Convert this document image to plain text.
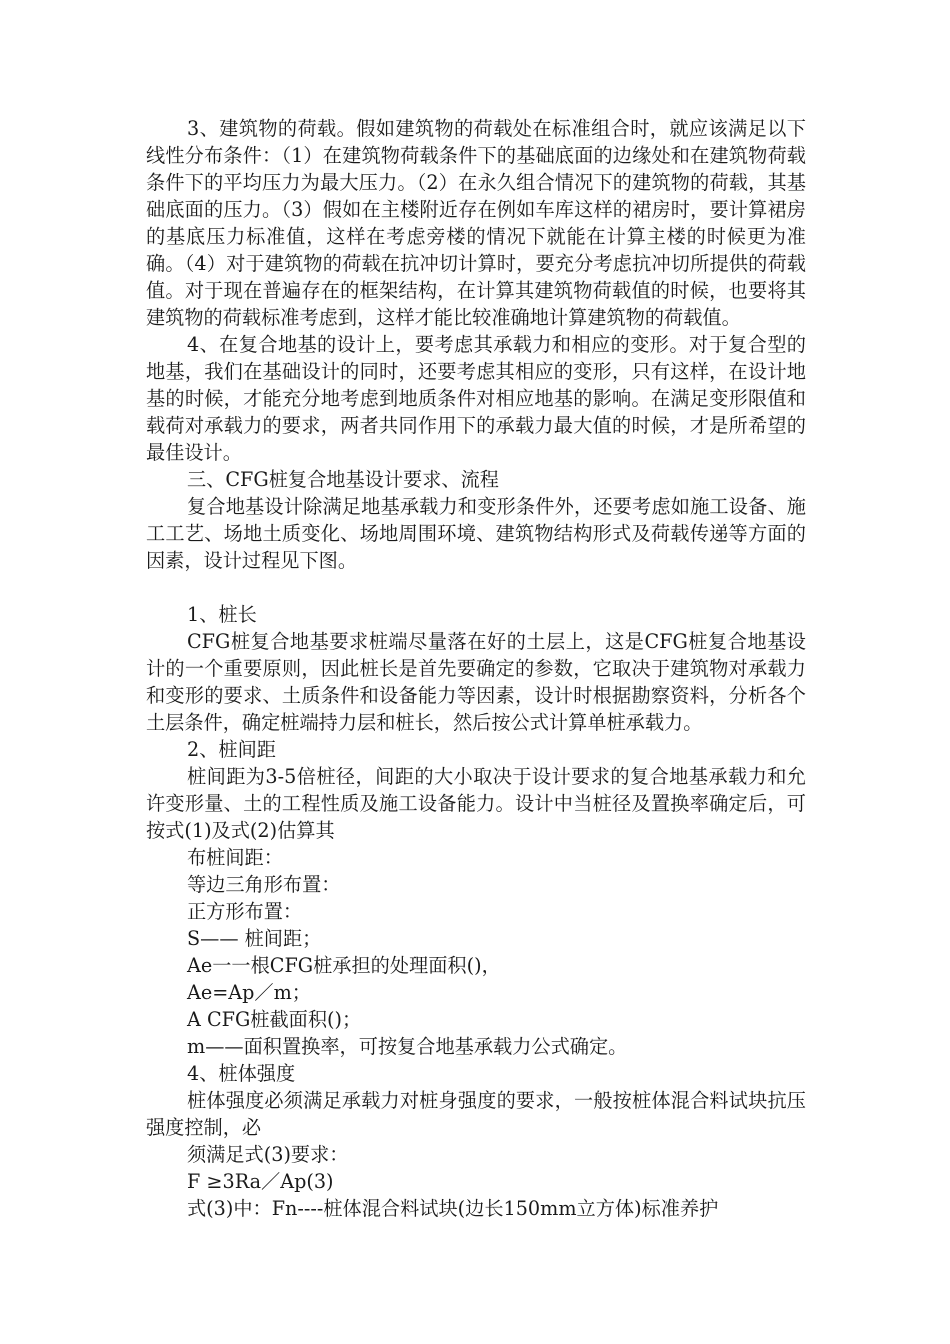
3、建筑物的荷载。假如建筑物的荷载处在标准组合时，就应该满足以下线性分布条件：（1）在建筑物荷载条件下的基础底面的边缘处和在建筑物荷载条件下的平均压力为最大压力。（2）在永久组合情况下的建筑物的荷载，其基础底面的压力。（3）假如在主楼附近存在例如车库这样的裙房时，要计算裙房的基底压力标准值，这样在考虑旁楼的情况下就能在计算主楼的时候更为准确。（4）对于建筑物的荷载在抗冲切计算时，要充分考虑抗冲切所提供的荷载值。对于现在普遍存在的框架结构，在计算其建筑物荷载值的时候，也要将其建筑物的荷载标准考虑到，这样才能比较准确地计算建筑物的荷载值。

4、在复合地基的设计上，要考虑其承载力和相应的变形。对于复合型的地基，我们在基础设计的同时，还要考虑其相应的变形，只有这样，在设计地基的时候，才能充分地考虑到地质条件对相应地基的影响。在满足变形限值和载荷对承载力的要求，两者共同作用下的承载力最大值的时候，才是所希望的最佳设计。

三、CFG桩复合地基设计要求、流程

复合地基设计除满足地基承载力和变形条件外，还要考虑如施工设备、施工工艺、场地土质变化、场地周围环境、建筑物结构形式及荷载传递等方面的因素，设计过程见下图。

1、桩长

CFG桩复合地基要求桩端尽量落在好的土层上，这是CFG桩复合地基设计的一个重要原则，因此桩长是首先要确定的参数，它取决于建筑物对承载力和变形的要求、土质条件和设备能力等因素，设计时根据勘察资料，分析各个土层条件，确定桩端持力层和桩长，然后按公式计算单桩承载力。

2、桩间距

桩间距为3-5倍桩径，间距的大小取决于设计要求的复合地基承载力和允许变形量、土的工程性质及施工设备能力。设计中当桩径及置换率确定后，可按式(1)及式(2)估算其

布桩间距：

等边三角形布置：

正方形布置：

S—— 桩间距；

Ae一一根CFG桩承担的处理面积()，

Ae=Ap／m；

A CFG桩截面积()；

m——面积置换率，可按复合地基承载力公式确定。

4、桩体强度

桩体强度必须满足承载力对桩身强度的要求，一般按桩体混合料试块抗压强度控制，必

须满足式(3)要求：

F ≥3Ra／Ap(3)

式(3)中：Fn----桩体混合料试块(边长150mm立方体)标准养护
